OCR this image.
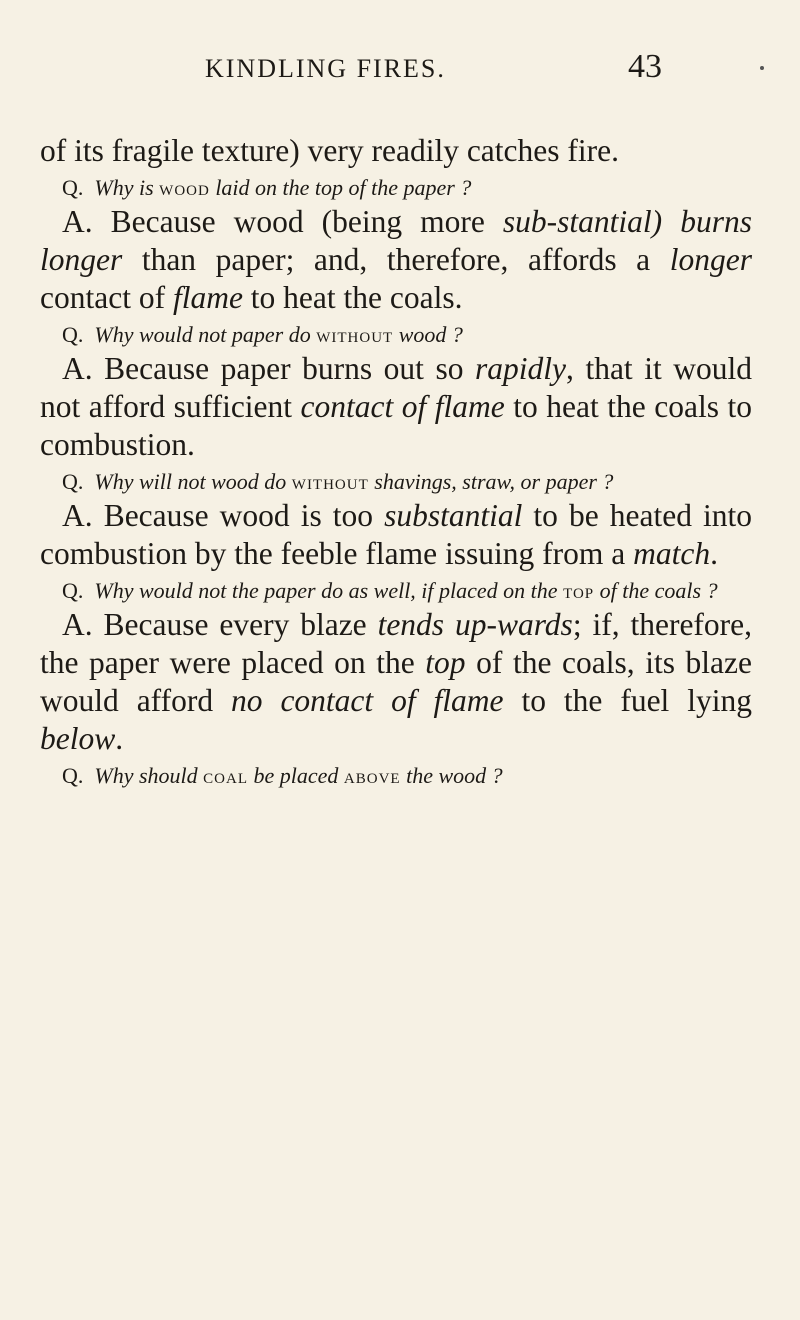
KINDLING FIRES.	43

of its fragile texture) very readily catches fire.

Q. Why is wood laid on the top of the paper ?

A. Because wood (being more sub-stantial) burns longer than paper; and, therefore, affords a longer contact of flame to heat the coals.

Q. Why would not paper do without wood ?

A. Because paper burns out so rapidly, that it would not afford sufficient contact of flame to heat the coals to combustion.

Q. Why will not wood do without shavings, straw, or paper ?

A. Because wood is too substantial to be heated into combustion by the feeble flame issuing from a match.

Q. Why would not the paper do as well, if placed on the top of the coals ?

A. Because every blaze tends up-wards; if, therefore, the paper were placed on the top of the coals, its blaze would afford no contact of flame to the fuel lying below.

Q. Why should coal be placed above the wood ?
